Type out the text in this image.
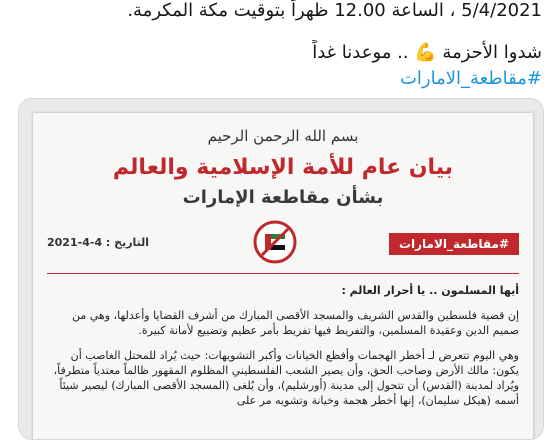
5/4/2021 ، الساعة 12.00 ظهراً بتوقيت مكة المكرمة.
شدوا الأحزمة 💪 .. موعدنا غداً
#مقاطعة_الامارات
بسم الله الرحمن الرحيم
بيان عام للأمة الإسلامية والعالم
بشأن مقاطعة الإمارات
#مقاطعة_الامارات
التاريخ : 4-4-2021
أيها المسلمون .. يا أحرار العالم :

إن قضية فلسطين والقدس الشريف والمسجد الأقصى المبارك من أشرف القضايا وأعدلها، وهي من صميم الدين وعقيدة المسلمين، والتفريط فيها تفريط بأمر عظيم وتضييع لأمانة كبيرة.

وهي اليوم تتعرض لـ أخطر الهجمات وأفظع الخيانات وأكبر التشويهات: حيث يُراد للمحتل الغاصب أن يكون: مالك الأرض وصاحب الحق، وأن يصير الشعب الفلسطيني المظلوم المقهور ظالماً معتدياً متطرفاً، ويُراد لمدينة (القدس) أن تتحول إلى مدينة (أورشليم)، وأن يُلغى (المسجد الأقصى المبارك) ليصير شيئاً أسمه (هيكل سليمان)، إنها أخطر هجمة وخيانة وتشويه مر على
